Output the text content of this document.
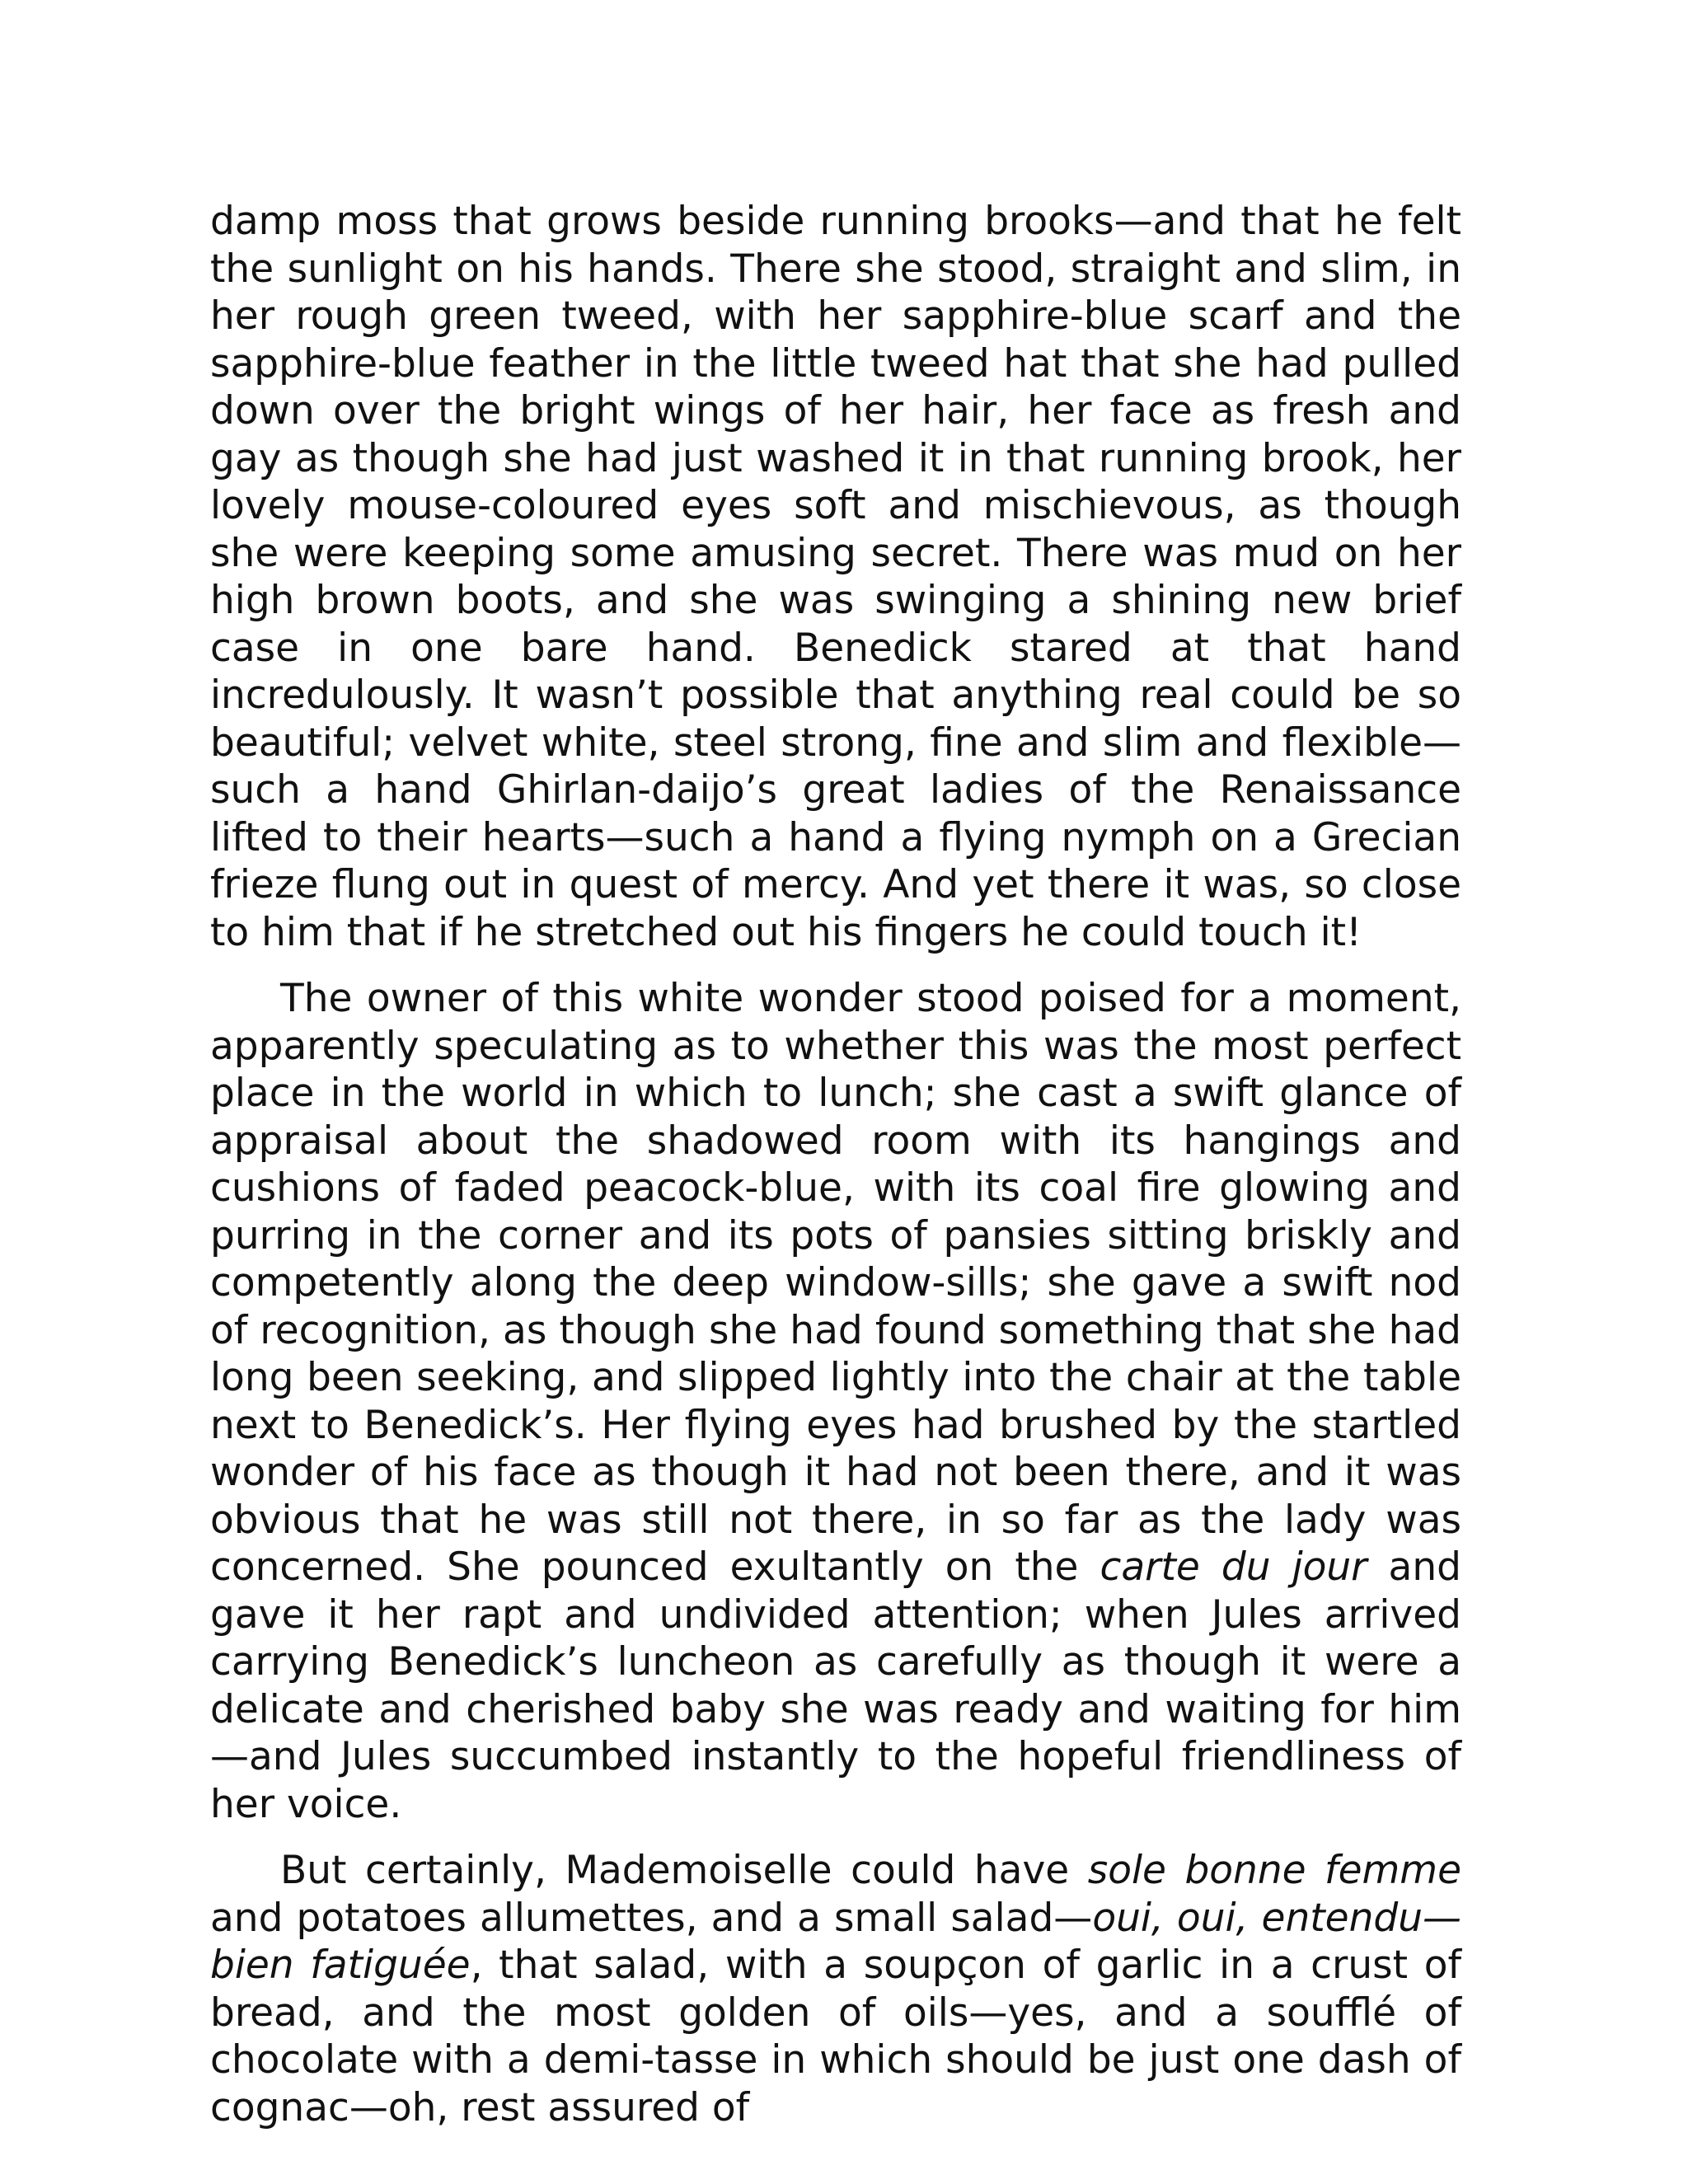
damp moss that grows beside running brooks—and that he felt the sunlight on his hands. There she stood, straight and slim, in her rough green tweed, with her sapphire-blue scarf and the sapphire-blue feather in the little tweed hat that she had pulled down over the bright wings of her hair, her face as fresh and gay as though she had just washed it in that running brook, her lovely mouse-coloured eyes soft and mischievous, as though she were keeping some amusing secret. There was mud on her high brown boots, and she was swinging a shining new brief case in one bare hand. Benedick stared at that hand incredulously. It wasn’t possible that anything real could be so beautiful; velvet white, steel strong, fine and slim and flexible—such a hand Ghirlan-daijo’s great ladies of the Renaissance lifted to their hearts—such a hand a flying nymph on a Grecian frieze flung out in quest of mercy. And yet there it was, so close to him that if he stretched out his fingers he could touch it!

The owner of this white wonder stood poised for a moment, apparently speculating as to whether this was the most perfect place in the world in which to lunch; she cast a swift glance of appraisal about the shadowed room with its hangings and cushions of faded peacock-blue, with its coal fire glowing and purring in the corner and its pots of pansies sitting briskly and competently along the deep window-sills; she gave a swift nod of recognition, as though she had found something that she had long been seeking, and slipped lightly into the chair at the table next to Benedick’s. Her flying eyes had brushed by the startled wonder of his face as though it had not been there, and it was obvious that he was still not there, in so far as the lady was concerned. She pounced exultantly on the carte du jour and gave it her rapt and undivided attention; when Jules arrived carrying Benedick’s luncheon as carefully as though it were a delicate and cherished baby she was ready and waiting for him—and Jules succumbed instantly to the hopeful friendliness of her voice.

But certainly, Mademoiselle could have sole bonne femme and potatoes allumettes, and a small salad—oui, oui, entendu—bien fatiguée, that salad, with a soupçon of garlic in a crust of bread, and the most golden of oils—yes, and a soufflé of chocolate with a demi-tasse in which should be just one dash of cognac—oh, rest assured of
